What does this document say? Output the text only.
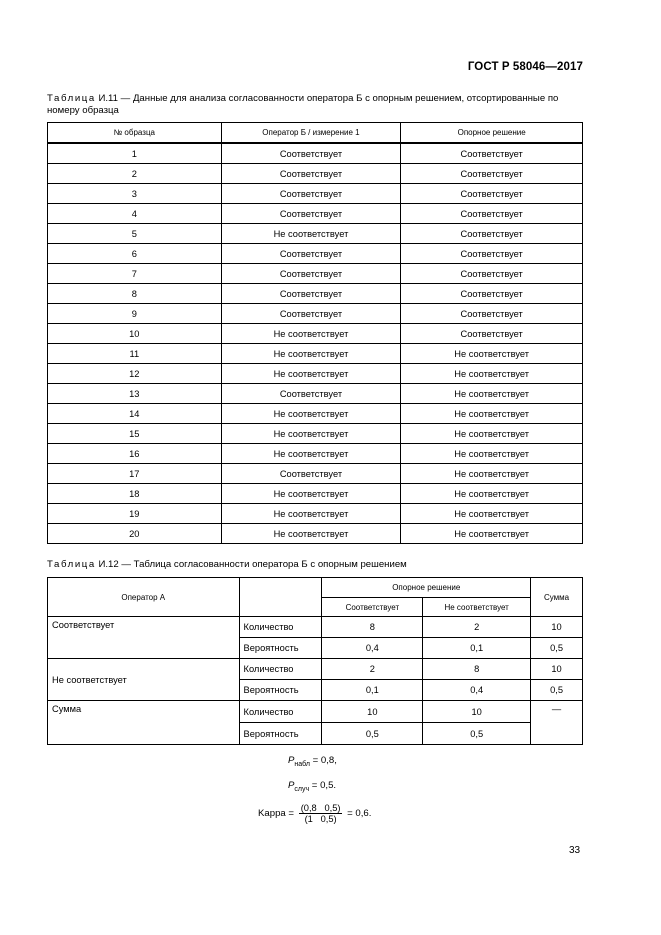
ГОСТ Р 58046—2017
Таблица И.11 — Данные для анализа согласованности оператора Б с опорным решением, отсортированные по номеру образца
№ образца	Оператор Б / измерение 1	Опорное решение
1	Соответствует	Соответствует
2	Соответствует	Соответствует
3	Соответствует	Соответствует
4	Соответствует	Соответствует
5	Не соответствует	Соответствует
6	Соответствует	Соответствует
7	Соответствует	Соответствует
8	Соответствует	Соответствует
9	Соответствует	Соответствует
10	Не соответствует	Соответствует
11	Не соответствует	Не соответствует
12	Не соответствует	Не соответствует
13	Соответствует	Не соответствует
14	Не соответствует	Не соответствует
15	Не соответствует	Не соответствует
16	Не соответствует	Не соответствует
17	Соответствует	Не соответствует
18	Не соответствует	Не соответствует
19	Не соответствует	Не соответствует
20	Не соответствует	Не соответствует
Таблица И.12 — Таблица согласованности оператора Б с опорным решением
Оператор А		Опорное решение		Сумма
		Соответствует	Не соответствует	
Соответствует	Количество	8	2	10
	Вероятность	0,4	0,1	0,5
Не соответствует	Количество	2	8	10
	Вероятность	0,1	0,4	0,5
Сумма	Количество	10	10	—
	Вероятность	0,5	0,5	
$P_{набл} = 0,8$,
$P_{случ} = 0,5$.
Kappa = $\frac{(0,8 0,5)}{(1 0,5)} = 0,6$.
33
